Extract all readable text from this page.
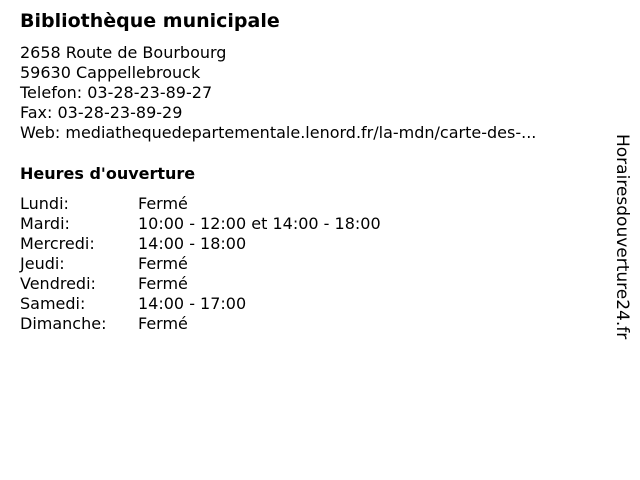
Bibliothèque municipale
2658 Route de Bourbourg
59630 Cappellebrouck
Telefon: 03-28-23-89-27
Fax: 03-28-23-89-29
Web: mediathequedepartementale.lenord.fr/la-mdn/carte-des-...
Heures d'ouverture
Lundi:	Fermé
Mardi:	10:00 - 12:00 et 14:00 - 18:00
Mercredi:	14:00 - 18:00
Jeudi:	Fermé
Vendredi:	Fermé
Samedi:	14:00 - 17:00
Dimanche:	Fermé	Horairesdouverture24.fr
